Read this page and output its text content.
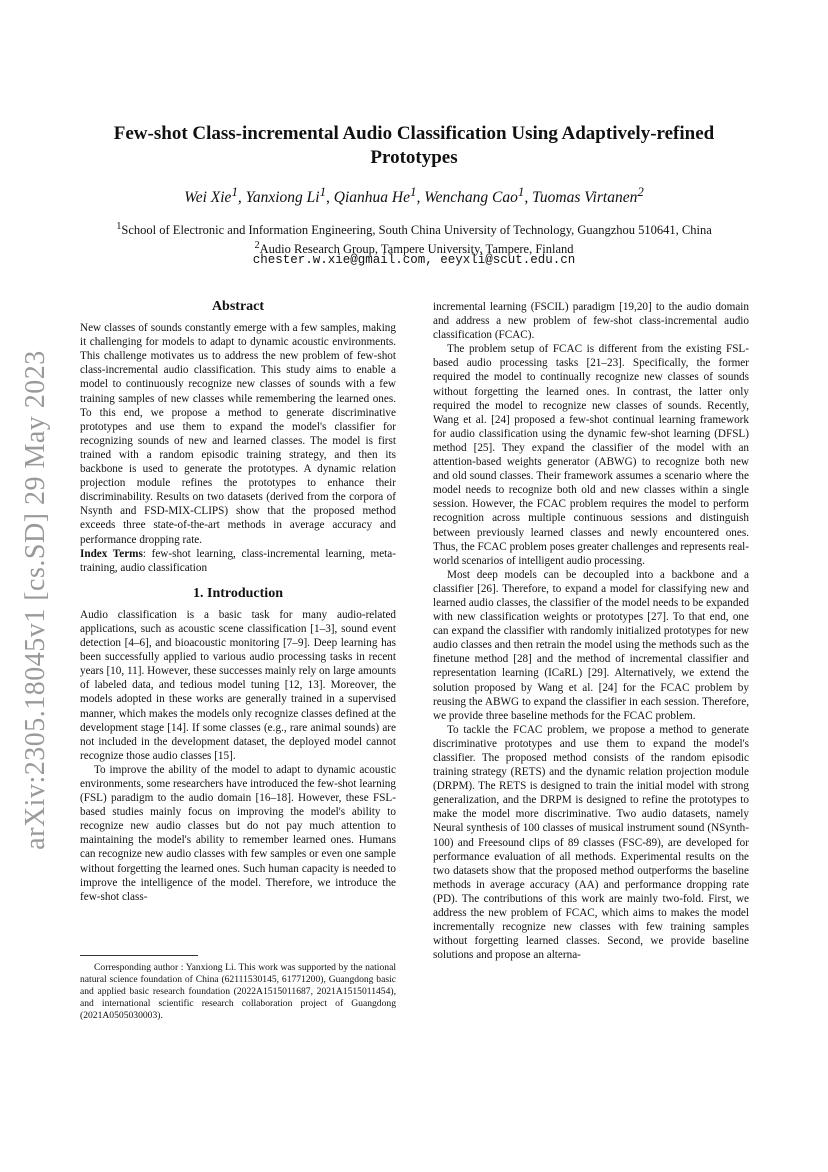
arXiv:2305.18045v1 [cs.SD] 29 May 2023
Few-shot Class-incremental Audio Classification Using Adaptively-refined Prototypes
Wei Xie$^1$, Yanxiong Li$^1$, Qianhua He$^1$, Wenchang Cao$^1$, Tuomas Virtanen$^2$
$^1$School of Electronic and Information Engineering, South China University of Technology, Guangzhou 510641, China
$^2$Audio Research Group, Tampere University, Tampere, Finland
chester.w.xie@gmail.com, eeyxli@scut.edu.cn
Abstract

New classes of sounds constantly emerge with a few samples, making it challenging for models to adapt to dynamic acoustic environments. This challenge motivates us to address the new problem of few-shot class-incremental audio classification. This study aims to enable a model to continuously recognize new classes of sounds with a few training samples of new classes while remembering the learned ones. To this end, we propose a method to generate discriminative prototypes and use them to expand the model's classifier for recognizing sounds of new and learned classes. The model is first trained with a random episodic training strategy, and then its backbone is used to generate the prototypes. A dynamic relation projection module refines the prototypes to enhance their discriminability. Results on two datasets (derived from the corpora of Nsynth and FSD-MIX-CLIPS) show that the proposed method exceeds three state-of-the-art methods in average accuracy and performance dropping rate.

Index Terms: few-shot learning, class-incremental learning, meta-training, audio classification

1. Introduction

Audio classification is a basic task for many audio-related applications, such as acoustic scene classification [1–3], sound event detection [4–6], and bioacoustic monitoring [7–9]. Deep learning has been successfully applied to various audio processing tasks in recent years [10, 11]. However, these successes mainly rely on large amounts of labeled data, and tedious model tuning [12, 13]. Moreover, the models adopted in these works are generally trained in a supervised manner, which makes the models only recognize classes defined at the development stage [14]. If some classes (e.g., rare animal sounds) are not included in the development dataset, the deployed model cannot recognize those audio classes [15].

To improve the ability of the model to adapt to dynamic acoustic environments, some researchers have introduced the few-shot learning (FSL) paradigm to the audio domain [16–18]. However, these FSL-based studies mainly focus on improving the model's ability to recognize new audio classes but do not pay much attention to maintaining the model's ability to remember learned ones. Humans can recognize new audio classes with few samples or even one sample without forgetting the learned ones. Such human capacity is needed to improve the intelligence of the model. Therefore, we introduce the few-shot class-

Corresponding author : Yanxiong Li. This work was supported by the national natural science foundation of China (62111530145, 61771200), Guangdong basic and applied basic research foundation (2022A1515011687, 2021A1515011454), and international scientific research collaboration project of Guangdong (2021A0505030003).

incremental learning (FSCIL) paradigm [19,20] to the audio domain and address a new problem of few-shot class-incremental audio classification (FCAC).

The problem setup of FCAC is different from the existing FSL-based audio processing tasks [21–23]. Specifically, the former required the model to continually recognize new classes of sounds without forgetting the learned ones. In contrast, the latter only required the model to recognize new classes of sounds. Recently, Wang et al. [24] proposed a few-shot continual learning framework for audio classification using the dynamic few-shot learning (DFSL) method [25]. They expand the classifier of the model with an attention-based weights generator (ABWG) to recognize both new and old sound classes. Their framework assumes a scenario where the model needs to recognize both old and new classes within a single session. However, the FCAC problem requires the model to perform recognition across multiple continuous sessions and distinguish between previously learned classes and newly encountered ones. Thus, the FCAC problem poses greater challenges and represents real-world scenarios of intelligent audio processing.

Most deep models can be decoupled into a backbone and a classifier [26]. Therefore, to expand a model for classifying new and learned audio classes, the classifier of the model needs to be expanded with new classification weights or prototypes [27]. To that end, one can expand the classifier with randomly initialized prototypes for new audio classes and then retrain the model using the methods such as the finetune method [28] and the method of incremental classifier and representation learning (ICaRL) [29]. Alternatively, we extend the solution proposed by Wang et al. [24] for the FCAC problem by reusing the ABWG to expand the classifier in each session. Therefore, we provide three baseline methods for the FCAC problem.

To tackle the FCAC problem, we propose a method to generate discriminative prototypes and use them to expand the model's classifier. The proposed method consists of the random episodic training strategy (RETS) and the dynamic relation projection module (DRPM). The RETS is designed to train the initial model with strong generalization, and the DRPM is designed to refine the prototypes to make the model more discriminative. Two audio datasets, namely Neural synthesis of 100 classes of musical instrument sound (NSynth-100) and Freesound clips of 89 classes (FSC-89), are developed for performance evaluation of all methods. Experimental results on the two datasets show that the proposed method outperforms the baseline methods in average accuracy (AA) and performance dropping rate (PD). The contributions of this work are mainly two-fold. First, we address the new problem of FCAC, which aims to makes the model incrementally recognize new classes with few training samples without forgetting learned classes. Second, we provide baseline solutions and propose an alterna-
